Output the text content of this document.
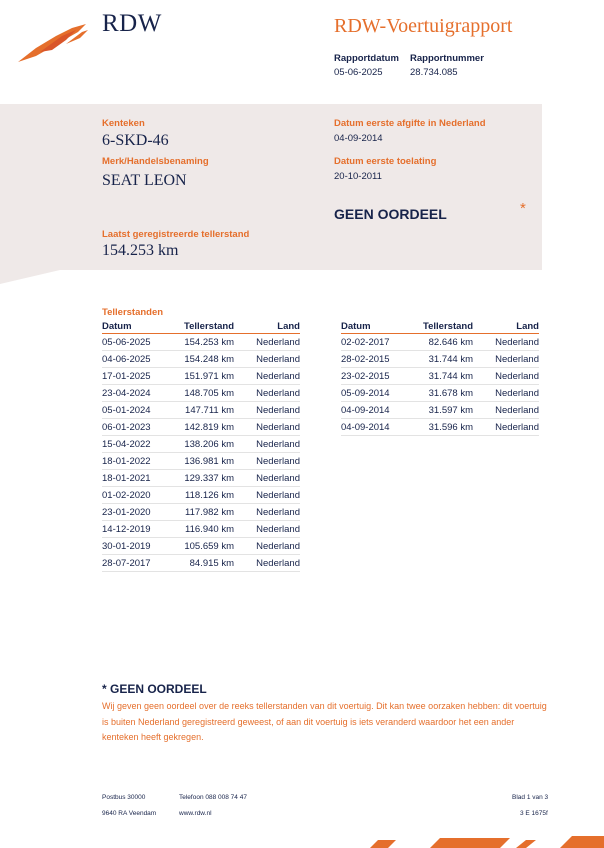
RDW	RDW-Voertuigrapport
Rapportdatum Rapportnummer
05-06-2025	28.734.085
Kenteken
6-SKD-46
Merk/Handelsbenaming
SEAT LEON
Datum eerste afgifte in Nederland
04-09-2014
Datum eerste toelating
20-10-2011
GEEN OORDEEL	*
Laatst geregistreerde tellerstand
154.253 km
Tellerstanden
Datum	Tellerstand	Land
05-06-2025	154.253 km	Nederland
04-06-2025	154.248 km	Nederland
17-01-2025	151.971 km	Nederland
23-04-2024	148.705 km	Nederland
05-01-2024	147.711 km	Nederland
06-01-2023	142.819 km	Nederland
15-04-2022	138.206 km	Nederland
18-01-2022	136.981 km	Nederland
18-01-2021	129.337 km	Nederland
01-02-2020	118.126 km	Nederland
23-01-2020	117.982 km	Nederland
14-12-2019	116.940 km	Nederland
30-01-2019	105.659 km	Nederland
28-07-2017	84.915 km	Nederland
Datum	Tellerstand	Land
02-02-2017	82.646 km	Nederland
28-02-2015	31.744 km	Nederland
23-02-2015	31.744 km	Nederland
05-09-2014	31.678 km	Nederland
04-09-2014	31.597 km	Nederland
04-09-2014	31.596 km	Nederland
* GEEN OORDEEL
Wij geven geen oordeel over de reeks tellerstanden van dit voertuig. Dit kan twee oorzaken hebben: dit voertuig is buiten Nederland geregistreerd geweest, of aan dit voertuig is iets veranderd waardoor het een ander kenteken heeft gekregen.
Postbus 30000
9640 RA Veendam
Telefoon 088 008 74 47
www.rdw.nl
Blad 1 van 3
3 E 1675f
